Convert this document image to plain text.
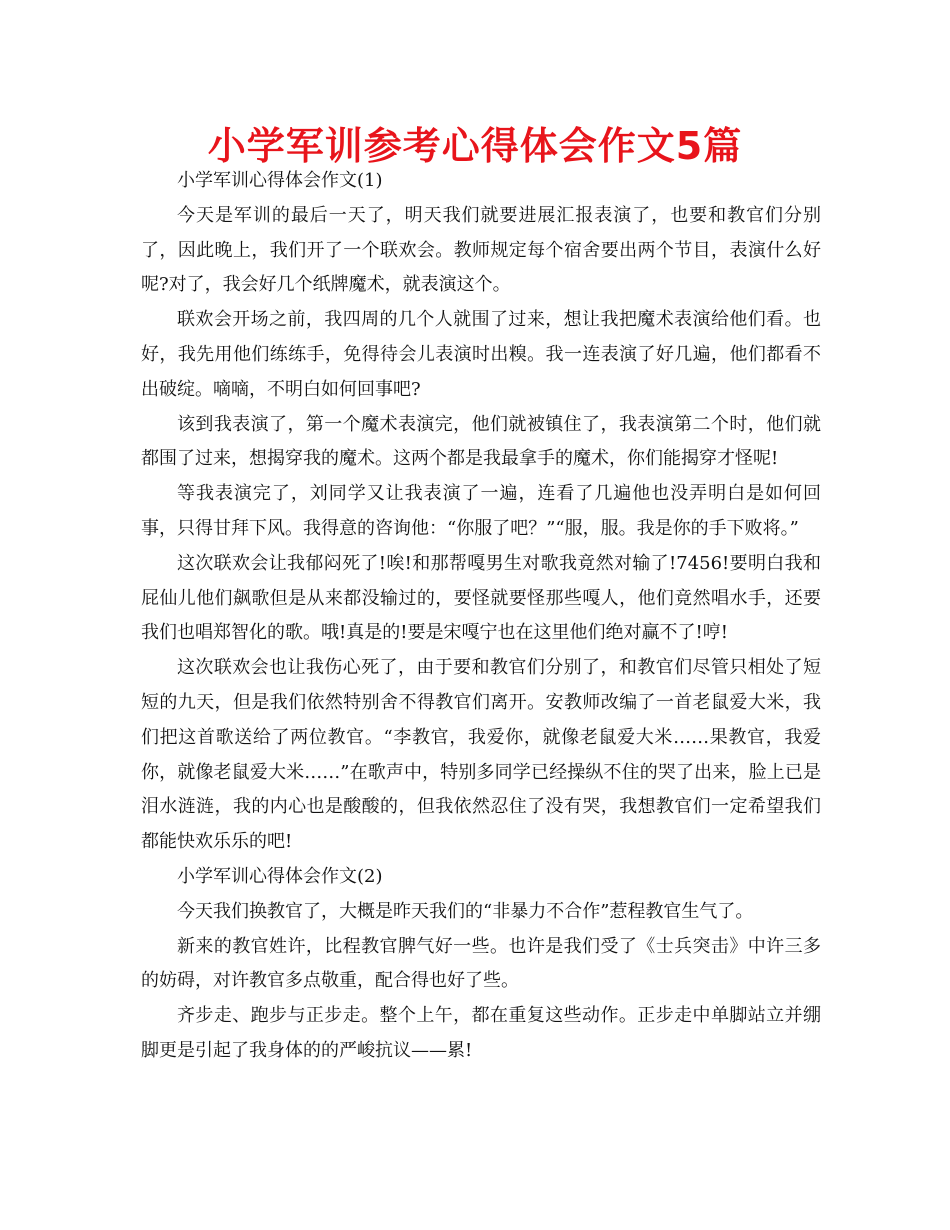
小学军训参考心得体会作文5篇

小学军训心得体会作文(1)

今天是军训的最后一天了，明天我们就要进展汇报表演了，也要和教官们分别了，因此晚上，我们开了一个联欢会。教师规定每个宿舍要出两个节目，表演什么好呢?对了，我会好几个纸牌魔术，就表演这个。

联欢会开场之前，我四周的几个人就围了过来，想让我把魔术表演给他们看。也好，我先用他们练练手，免得待会儿表演时出糗。我一连表演了好几遍，他们都看不出破绽。嘀嘀，不明白如何回事吧?

该到我表演了，第一个魔术表演完，他们就被镇住了，我表演第二个时，他们就都围了过来，想揭穿我的魔术。这两个都是我最拿手的魔术，你们能揭穿才怪呢!

等我表演完了，刘同学又让我表演了一遍，连看了几遍他也没弄明白是如何回事，只得甘拜下风。我得意的咨询他：“你服了吧？”“服，服。我是你的手下败将。”

这次联欢会让我郁闷死了!唉!和那帮嘎男生对歌我竟然对输了!7456!要明白我和屁仙儿他们飙歌但是从来都没输过的，要怪就要怪那些嘎人，他们竟然唱水手，还要我们也唱郑智化的歌。哦!真是的!要是宋嘎宁也在这里他们绝对赢不了!哼!

这次联欢会也让我伤心死了，由于要和教官们分别了，和教官们尽管只相处了短短的九天，但是我们依然特别舍不得教官们离开。安教师改编了一首老鼠爱大米，我们把这首歌送给了两位教官。“李教官，我爱你，就像老鼠爱大米……果教官，我爱你，就像老鼠爱大米……”在歌声中，特别多同学已经操纵不住的哭了出来，脸上已是泪水涟涟，我的内心也是酸酸的，但我依然忍住了没有哭，我想教官们一定希望我们都能快欢乐乐的吧!

小学军训心得体会作文(2)

今天我们换教官了，大概是昨天我们的“非暴力不合作”惹程教官生气了。

新来的教官姓许，比程教官脾气好一些。也许是我们受了《士兵突击》中许三多的妨碍，对许教官多点敬重，配合得也好了些。

齐步走、跑步与正步走。整个上午，都在重复这些动作。正步走中单脚站立并绷脚更是引起了我身体的的严峻抗议——累!
